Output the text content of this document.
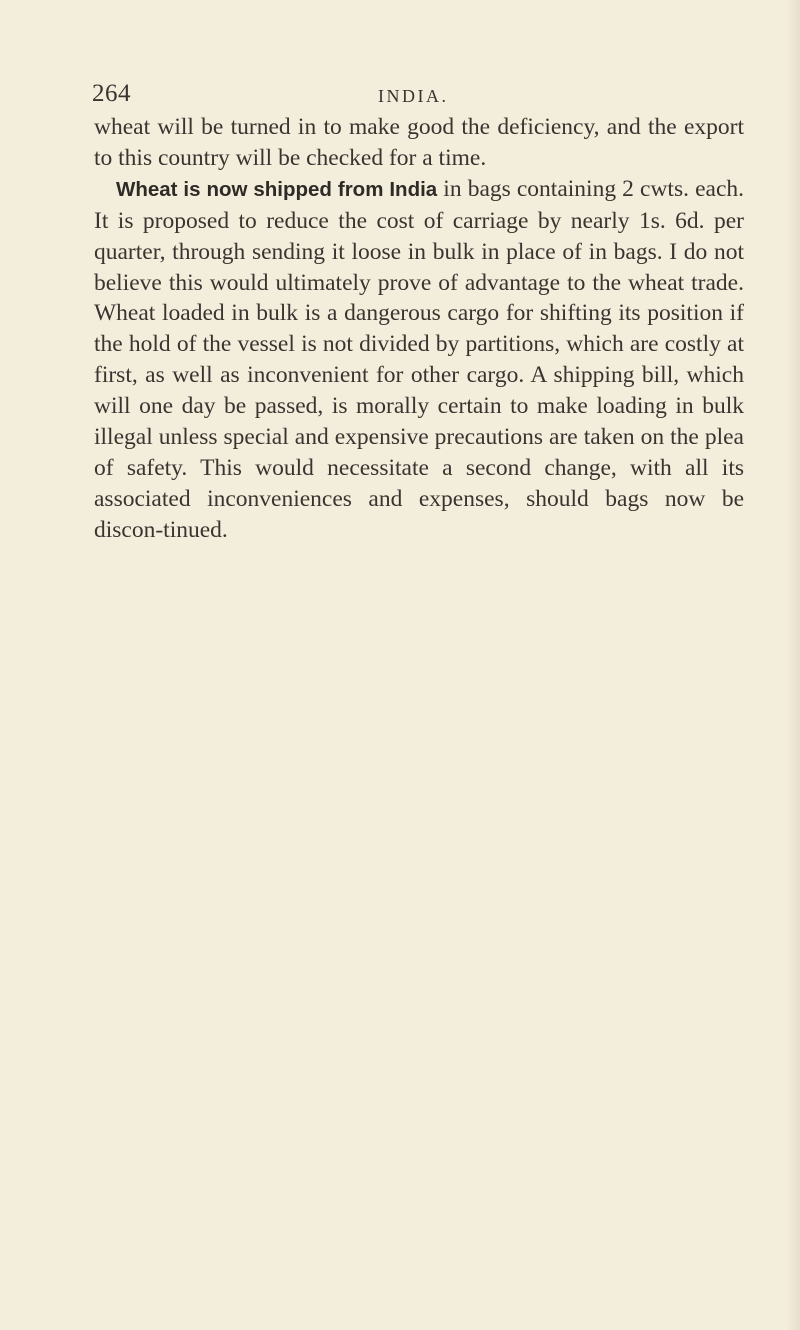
264	INDIA.

wheat will be turned in to make good the deficiency, and the export to this country will be checked for a time.

Wheat is now shipped from India in bags containing 2 cwts. each. It is proposed to reduce the cost of carriage by nearly 1s. 6d. per quarter, through sending it loose in bulk in place of in bags. I do not believe this would ultimately prove of advantage to the wheat trade. Wheat loaded in bulk is a dangerous cargo for shifting its position if the hold of the vessel is not divided by partitions, which are costly at first, as well as inconvenient for other cargo. A shipping bill, which will one day be passed, is morally certain to make loading in bulk illegal unless special and expensive precautions are taken on the plea of safety. This would necessitate a second change, with all its associated inconveniences and expenses, should bags now be discon-tinued.
